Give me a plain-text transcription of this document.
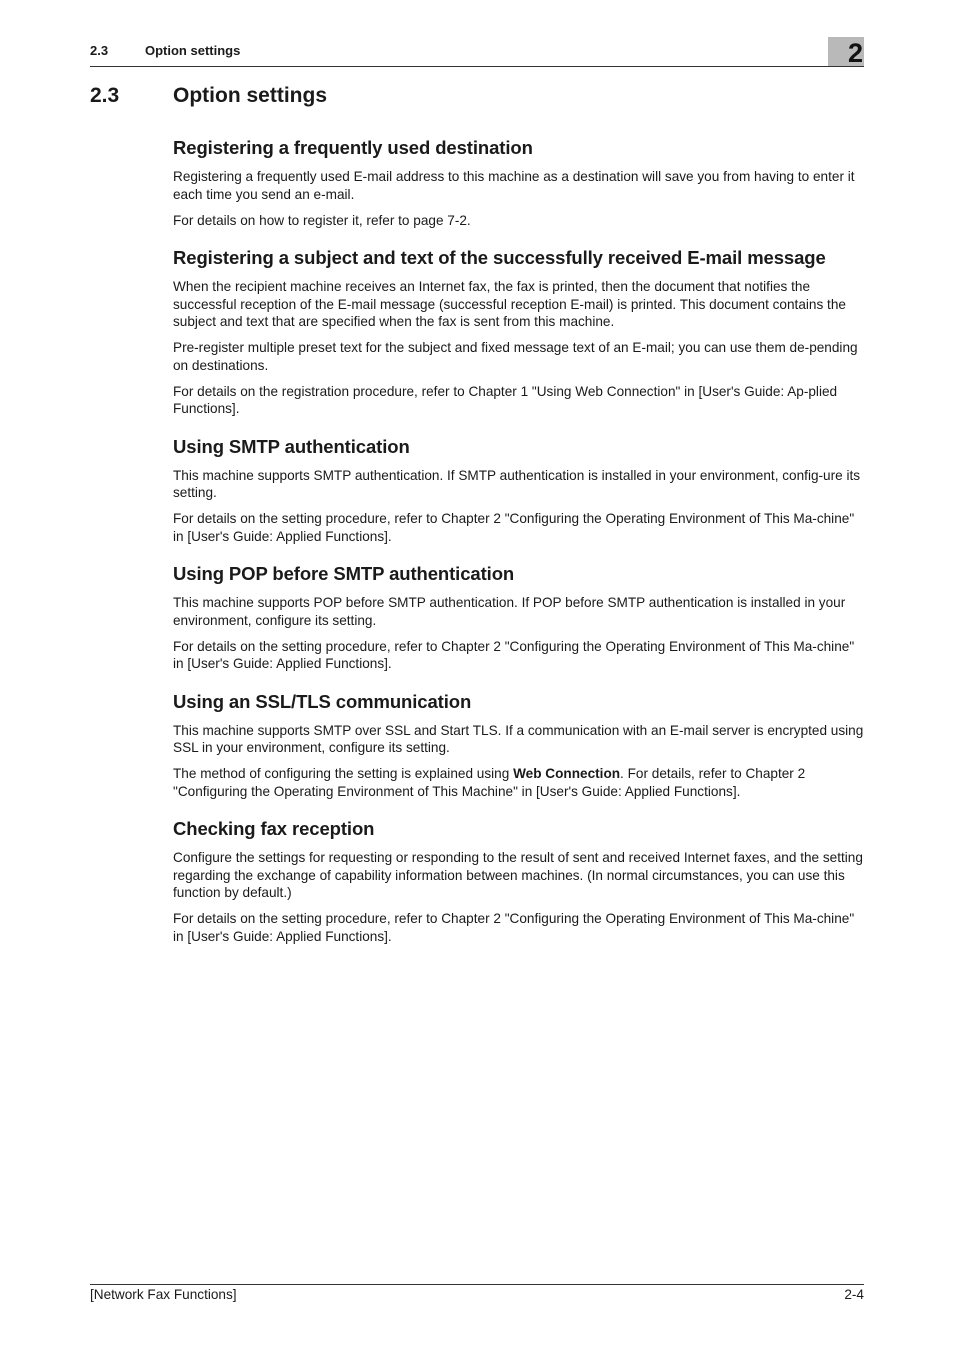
2.3	Option settings	2
2.3	Option settings
Registering a frequently used destination

Registering a frequently used E-mail address to this machine as a destination will save you from having to enter it each time you send an e-mail.

For details on how to register it, refer to page 7-2.

Registering a subject and text of the successfully received E-mail message

When the recipient machine receives an Internet fax, the fax is printed, then the document that notifies the successful reception of the E-mail message (successful reception E-mail) is printed. This document contains the subject and text that are specified when the fax is sent from this machine.

Pre-register multiple preset text for the subject and fixed message text of an E-mail; you can use them de-pending on destinations.

For details on the registration procedure, refer to Chapter 1 "Using Web Connection" in [User's Guide: Ap-plied Functions].

Using SMTP authentication

This machine supports SMTP authentication. If SMTP authentication is installed in your environment, config-ure its setting.

For details on the setting procedure, refer to Chapter 2 "Configuring the Operating Environment of This Ma-chine" in [User's Guide: Applied Functions].

Using POP before SMTP authentication

This machine supports POP before SMTP authentication. If POP before SMTP authentication is installed in your environment, configure its setting.

For details on the setting procedure, refer to Chapter 2 "Configuring the Operating Environment of This Ma-chine" in [User's Guide: Applied Functions].

Using an SSL/TLS communication

This machine supports SMTP over SSL and Start TLS. If a communication with an E-mail server is encrypted using SSL in your environment, configure its setting.

The method of configuring the setting is explained using Web Connection. For details, refer to Chapter 2 "Configuring the Operating Environment of This Machine" in [User's Guide: Applied Functions].

Checking fax reception

Configure the settings for requesting or responding to the result of sent and received Internet faxes, and the setting regarding the exchange of capability information between machines. (In normal circumstances, you can use this function by default.)

For details on the setting procedure, refer to Chapter 2 "Configuring the Operating Environment of This Ma-chine" in [User's Guide: Applied Functions].

[Network Fax Functions]	2-4
